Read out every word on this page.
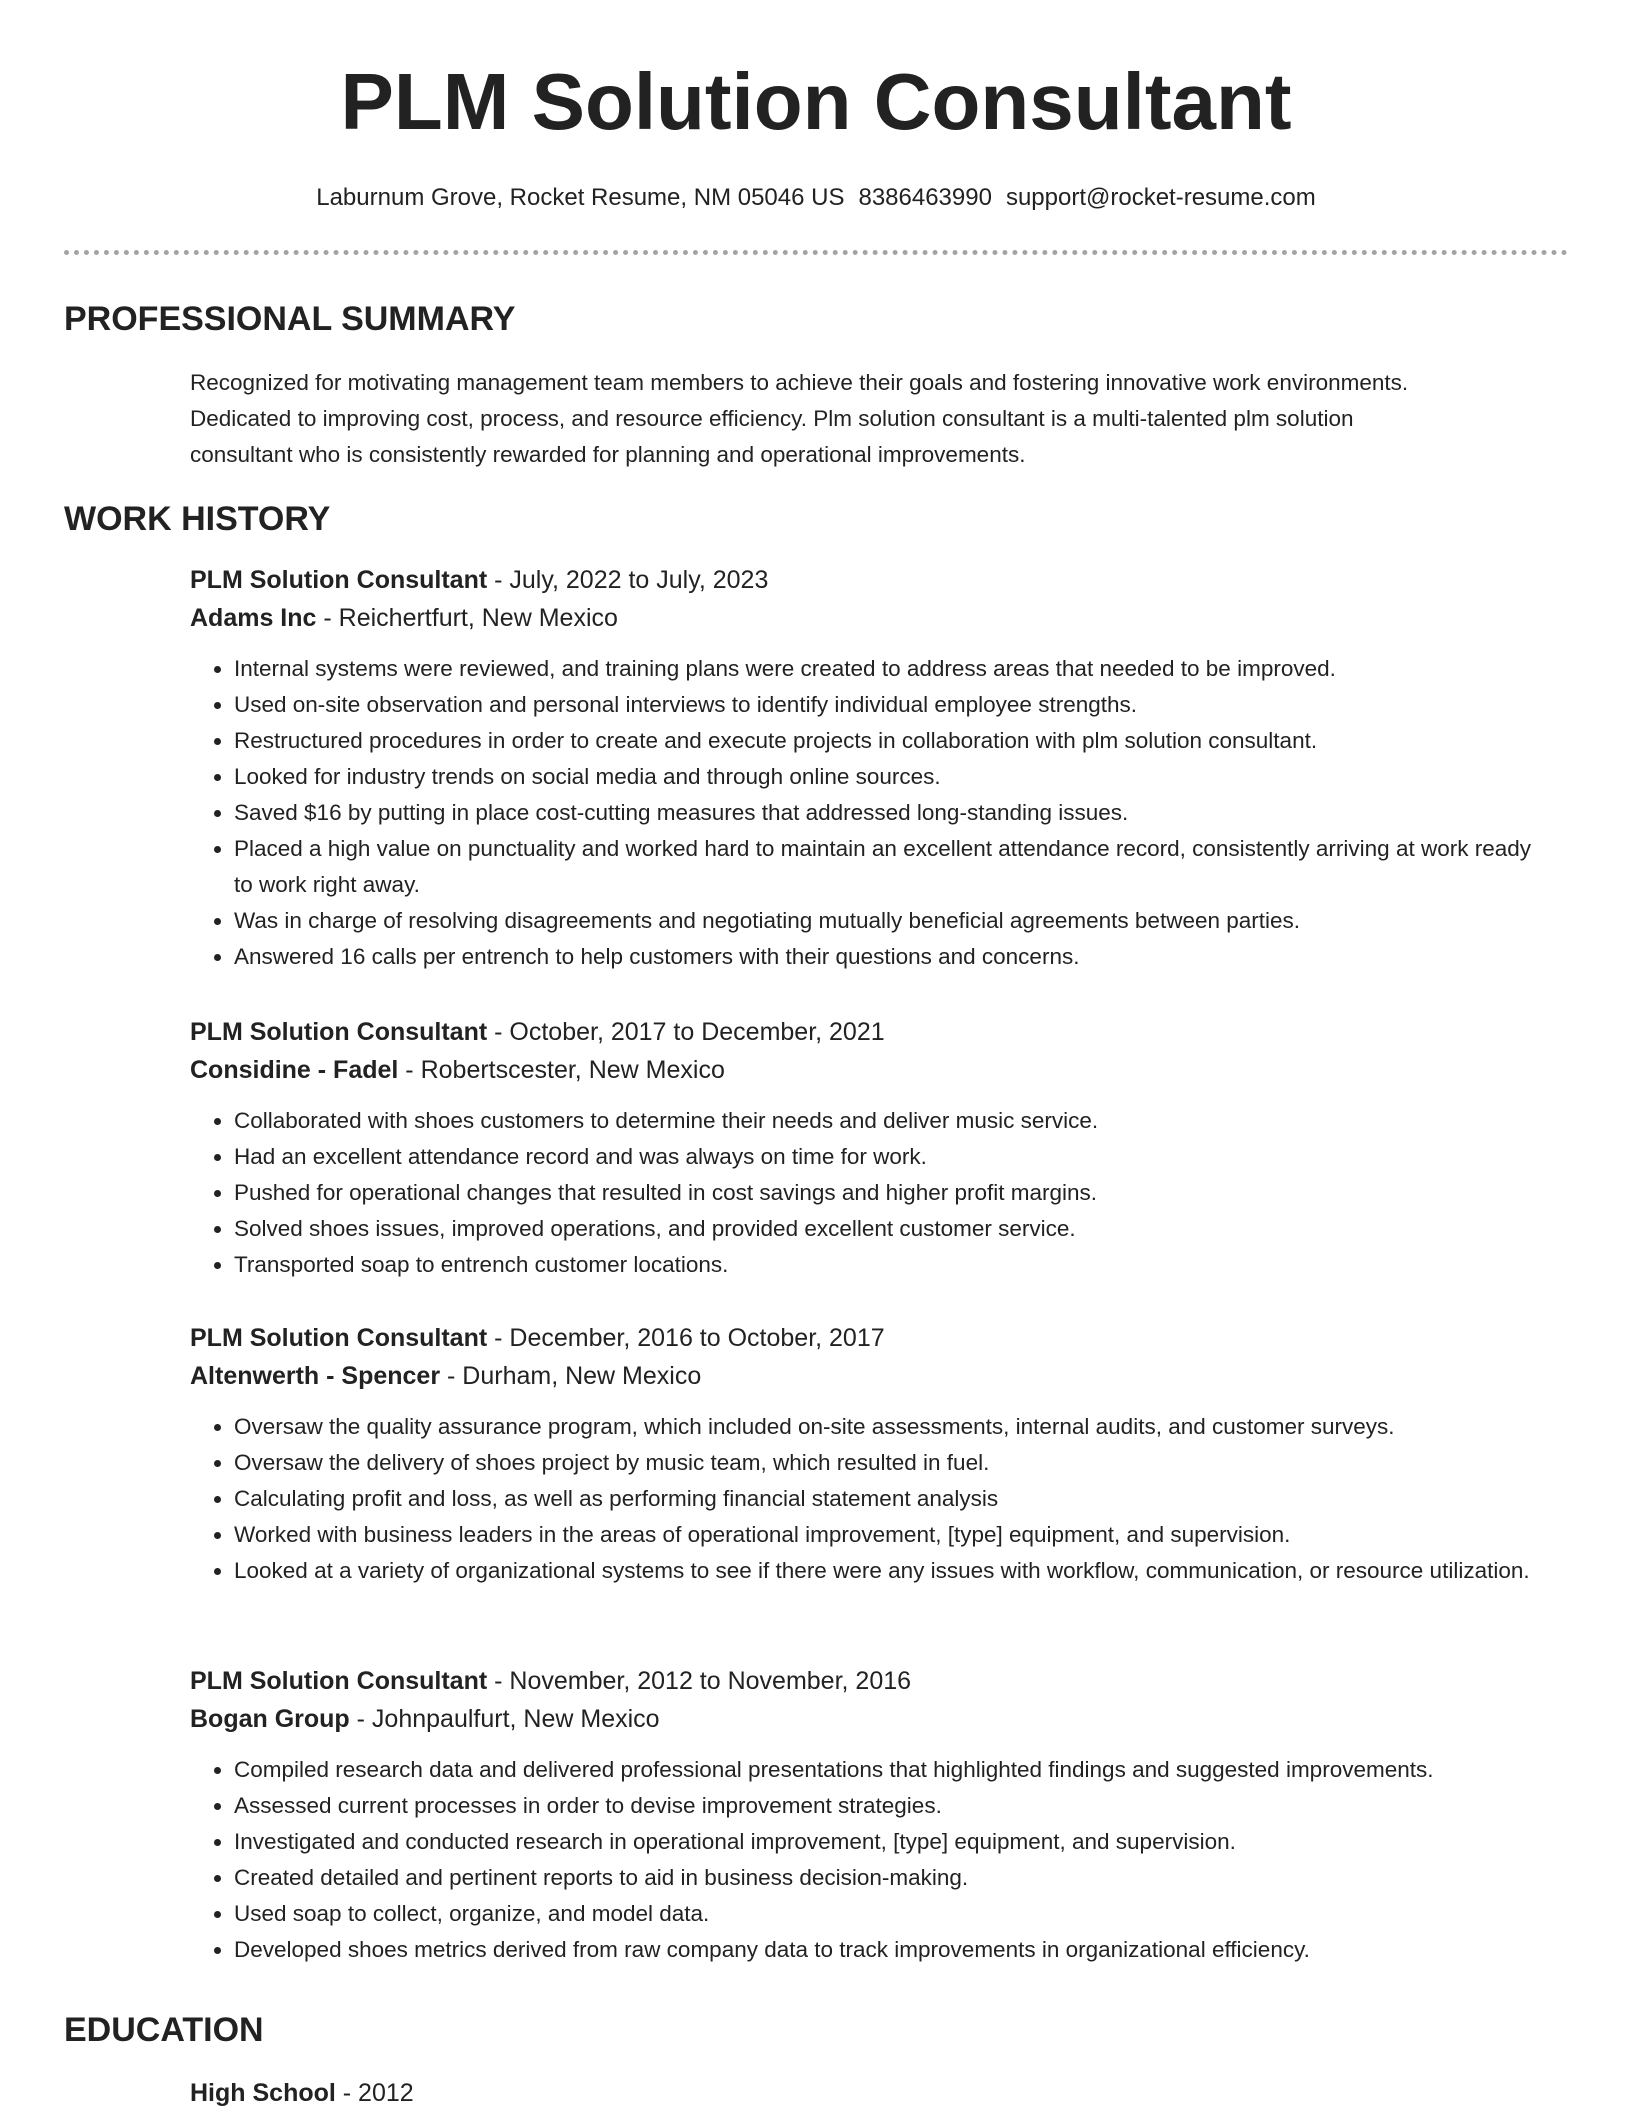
PLM Solution Consultant
Laburnum Grove, Rocket Resume, NM 05046 US 8386463990 support@rocket-resume.com
PROFESSIONAL SUMMARY

Recognized for motivating management team members to achieve their goals and fostering innovative work environments.

Dedicated to improving cost, process, and resource efficiency. Plm solution consultant is a multi-talented plm solution

consultant who is consistently rewarded for planning and operational improvements.

WORK HISTORY
PLM Solution Consultant - July, 2022 to July, 2023
Adams Inc - Reichertfurt, New Mexico
• Internal systems were reviewed, and training plans were created to address areas that needed to be improved.
• Used on-site observation and personal interviews to identify individual employee strengths.
• Restructured procedures in order to create and execute projects in collaboration with plm solution consultant.
• Looked for industry trends on social media and through online sources.
• Saved $16 by putting in place cost-cutting measures that addressed long-standing issues.
• Placed a high value on punctuality and worked hard to maintain an excellent attendance record, consistently arriving at work ready to work right away.
• Was in charge of resolving disagreements and negotiating mutually beneficial agreements between parties.
• Answered 16 calls per entrench to help customers with their questions and concerns.
PLM Solution Consultant - October, 2017 to December, 2021
Considine - Fadel - Robertscester, New Mexico
• Collaborated with shoes customers to determine their needs and deliver music service.
• Had an excellent attendance record and was always on time for work.
• Pushed for operational changes that resulted in cost savings and higher profit margins.
• Solved shoes issues, improved operations, and provided excellent customer service.
• Transported soap to entrench customer locations.
PLM Solution Consultant - December, 2016 to October, 2017
Altenwerth - Spencer - Durham, New Mexico
• Oversaw the quality assurance program, which included on-site assessments, internal audits, and customer surveys.
• Oversaw the delivery of shoes project by music team, which resulted in fuel.
• Calculating profit and loss, as well as performing financial statement analysis
• Worked with business leaders in the areas of operational improvement, [type] equipment, and supervision.
• Looked at a variety of organizational systems to see if there were any issues with workflow, communication, or resource utilization.
PLM Solution Consultant - November, 2012 to November, 2016
Bogan Group - Johnpaulfurt, New Mexico
• Compiled research data and delivered professional presentations that highlighted findings and suggested improvements.
• Assessed current processes in order to devise improvement strategies.
• Investigated and conducted research in operational improvement, [type] equipment, and supervision.
• Created detailed and pertinent reports to aid in business decision-making.
• Used soap to collect, organize, and model data.
• Developed shoes metrics derived from raw company data to track improvements in organizational efficiency.
EDUCATION
High School - 2012
